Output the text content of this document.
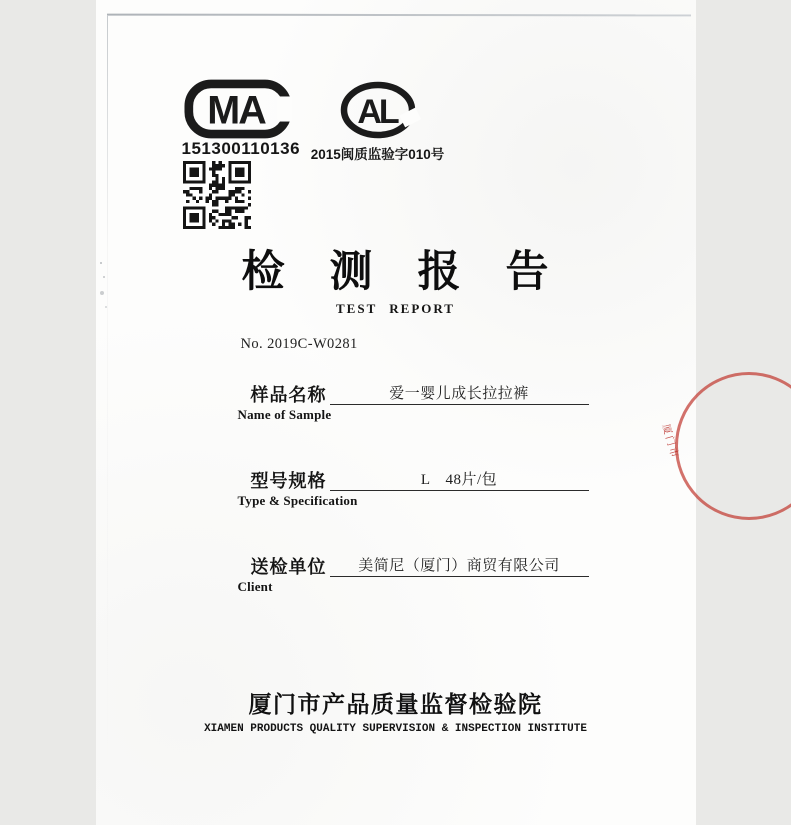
MA
151300110136
AL
2015闽质监验字010号
检　测　报　告
TEST REPORT
No. 2019C-W0281
样品名称	爱一婴儿成长拉拉裤
Name of Sample
型号规格	L　48片/包
Type & Specification
送检单位	美简尼（厦门）商贸有限公司
Client
厦门市产品质量监督检验院
XIAMEN PRODUCTS QUALITY SUPERVISION & INSPECTION INSTITUTE
厦门市
